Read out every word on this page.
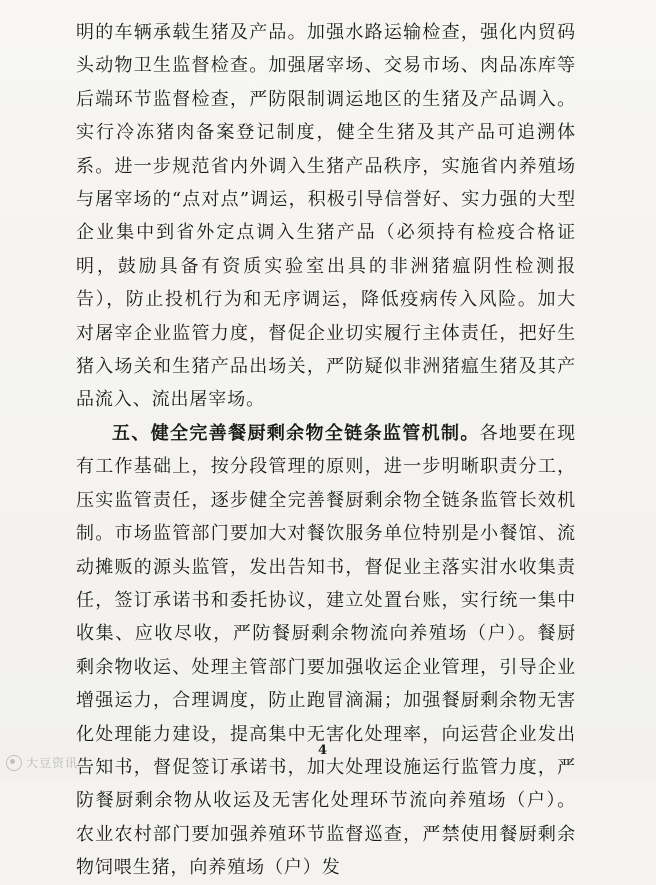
明的车辆承载生猪及产品。加强水路运输检查，强化内贸码头动物卫生监督检查。加强屠宰场、交易市场、肉品冻库等后端环节监督检查，严防限制调运地区的生猪及产品调入。实行冷冻猪肉备案登记制度，健全生猪及其产品可追溯体系。进一步规范省内外调入生猪产品秩序，实施省内养殖场与屠宰场的“点对点”调运，积极引导信誉好、实力强的大型企业集中到省外定点调入生猪产品（必须持有检疫合格证明，鼓励具备有资质实验室出具的非洲猪瘟阴性检测报告），防止投机行为和无序调运，降低疫病传入风险。加大对屠宰企业监管力度，督促企业切实履行主体责任，把好生猪入场关和生猪产品出场关，严防疑似非洲猪瘟生猪及其产品流入、流出屠宰场。

五、健全完善餐厨剩余物全链条监管机制。各地要在现有工作基础上，按分段管理的原则，进一步明晰职责分工，压实监管责任，逐步健全完善餐厨剩余物全链条监管长效机制。市场监管部门要加大对餐饮服务单位特别是小餐馆、流动摊贩的源头监管，发出告知书，督促业主落实泔水收集责任，签订承诺书和委托协议，建立处置台账，实行统一集中收集、应收尽收，严防餐厨剩余物流向养殖场（户）。餐厨剩余物收运、处理主管部门要加强收运企业管理，引导企业增强运力，合理调度，防止跑冒滴漏；加强餐厨剩余物无害化处理能力建设，提高集中无害化处理率，向运营企业发出告知书，督促签订承诺书，加大处理设施运行监管力度，严防餐厨剩余物从收运及无害化处理环节流向养殖场（户）。农业农村部门要加强养殖环节监督巡查，严禁使用餐厨剩余物饲喂生猪，向养殖场（户）发

4
大豆资讯
